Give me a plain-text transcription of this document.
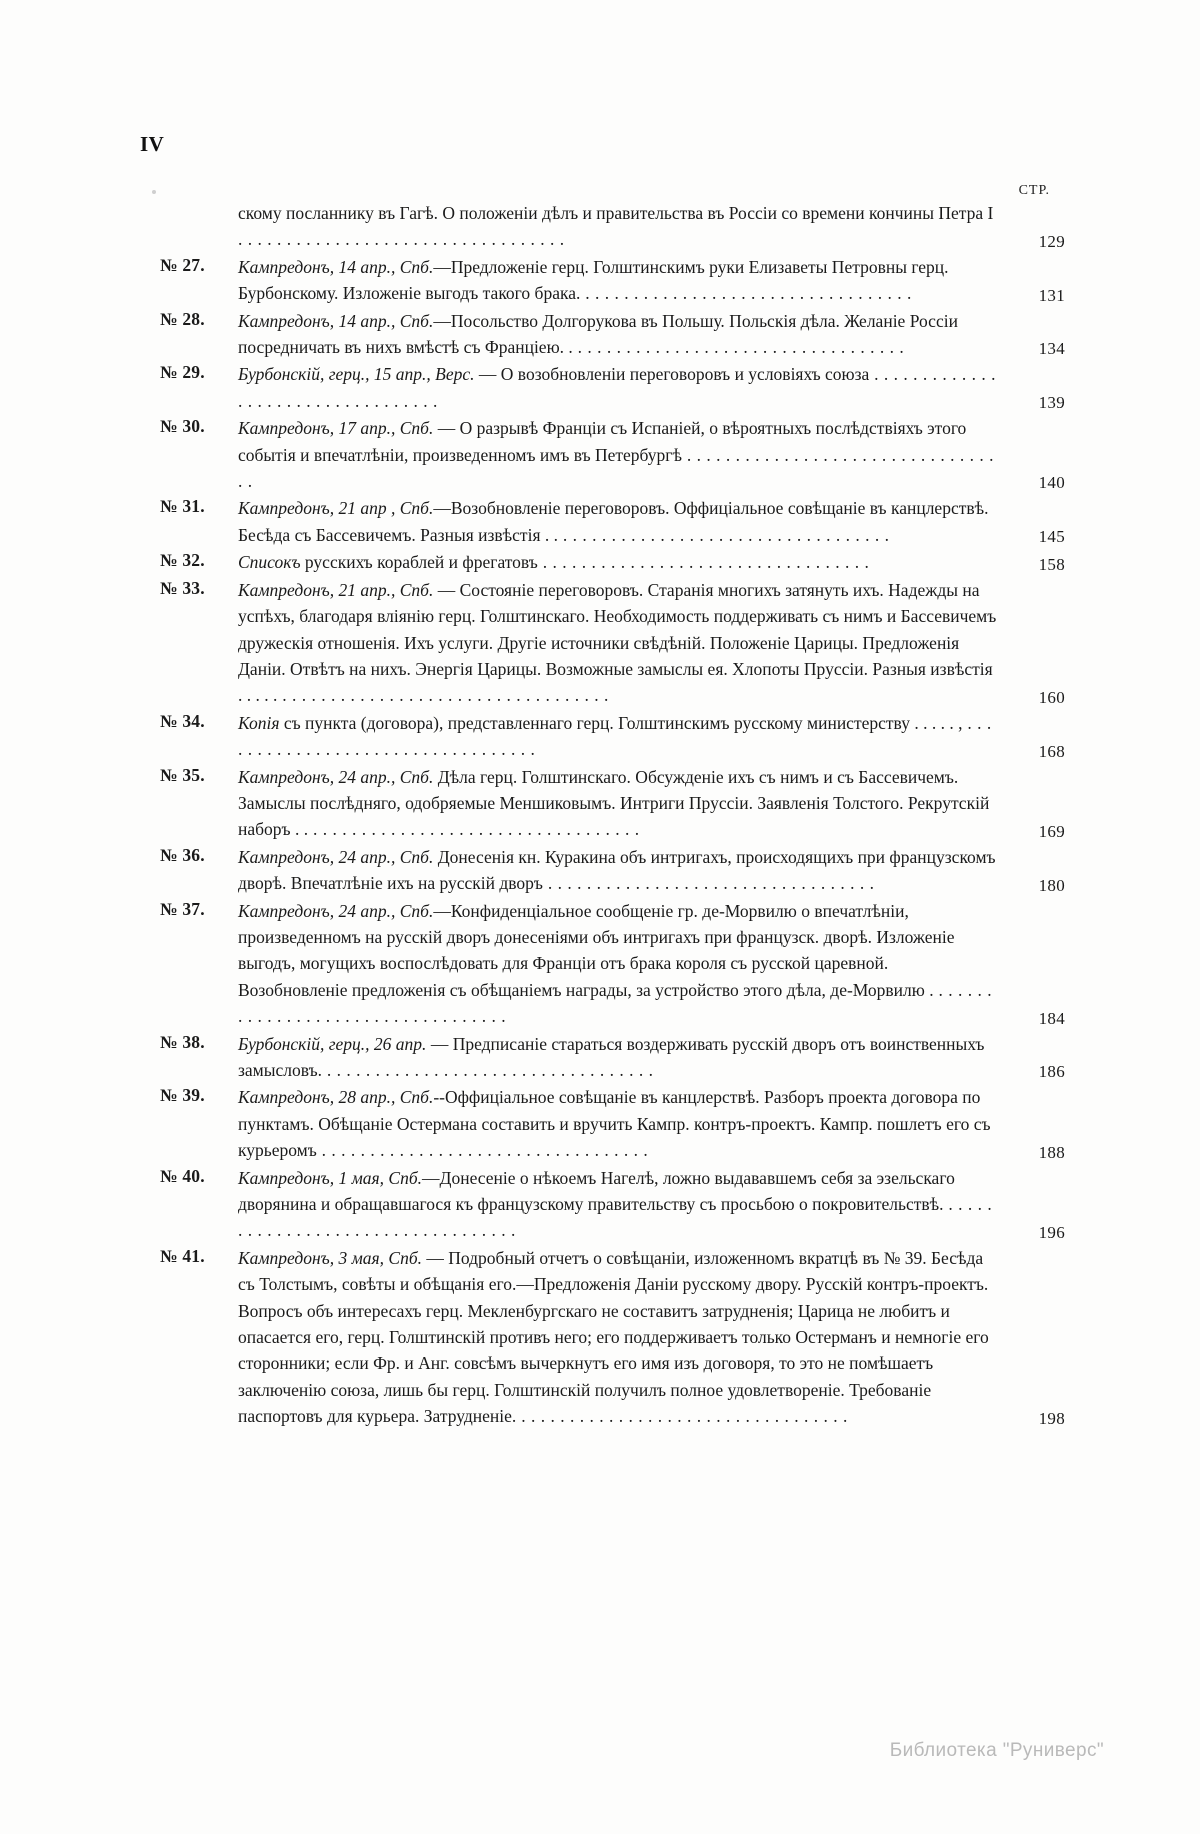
IV
СТР.
скому посланнику въ Гагѣ. О положеніи дѣлъ и правительства въ Россіи со времени кончины Петра I . . . . . . . . . . . . . . . . . . . . . . . . . . . . . . . . . .	129
№ 27.	Кампредонъ, 14 апр., Спб.—Предложеніе герц. Голштинскимъ руки Елизаветы Петровны герц. Бурбонскому. Изложеніе выгодъ такого брака. . . . . . . . . . . . . . . . . . . . . . . . . . . . . . . . . . .	131
№ 28.	Кампредонъ, 14 апр., Спб.—Посольство Долгорукова въ Польшу. Польскія дѣла. Желаніе Россіи посредничать въ нихъ вмѣстѣ съ Франціею. . . . . . . . . . . . . . . . . . . . . . . . . . . . . . . . . . . .	134
№ 29.	Бурбонскій, герц., 15 апр., Верс. — О возобновленіи переговоровъ и условіяхъ союза . . . . . . . . . . . . . . . . . . . . . . . . . . . . . . . . . .	139
№ 30.	Кампредонъ, 17 апр., Спб. — О разрывѣ Франціи съ Испаніей, о вѣроятныхъ послѣдствіяхъ этого событія и впечатлѣніи, произведенномъ имъ въ Петербургѣ . . . . . . . . . . . . . . . . . . . . . . . . . . . . . . . . . .	140
№ 31.	Кампредонъ, 21 апр , Спб.—Возобновленіе переговоровъ. Оффиціальное совѣщаніе въ канцлерствѣ. Бесѣда съ Бассевичемъ. Разныя извѣстія . . . . . . . . . . . . . . . . . . . . . . . . . . . . . . . . . . . .	145
№ 32.	Списокъ русскихъ кораблей и фрегатовъ . . . . . . . . . . . . . . . . . . . . . . . . . . . . . . . . . .	158
№ 33.	Кампредонъ, 21 апр., Спб. — Состояніе переговоровъ. Старанія многихъ затянуть ихъ. Надежды на успѣхъ, благодаря вліянію герц. Голштинскаго. Необходимость поддерживать съ нимъ и Бассевичемъ дружескія отношенія. Ихъ услуги. Другіе источники свѣдѣній. Положеніе Царицы. Предложенія Даніи. Отвѣтъ на нихъ. Энергія Царицы. Возможные замыслы ея. Хлопоты Пруссіи. Разныя извѣстія . . . . . . . . . . . . . . . . . . . . . . . . . . . . . . . . . . . . . . .	160
№ 34.	Копія съ пункта (договора), представленнаго герц. Голштинскимъ русскому министерству . . . . . , . . . . . . . . . . . . . . . . . . . . . . . . . . . . . . . . . .	168
№ 35.	Кампредонъ, 24 апр., Спб. Дѣла герц. Голштинскаго. Обсужденіе ихъ съ нимъ и съ Бассевичемъ. Замыслы послѣдняго, одобряемые Меншиковымъ. Интриги Пруссіи. Заявленія Толстого. Рекрутскій наборъ . . . . . . . . . . . . . . . . . . . . . . . . . . . . . . . . . . . .	169
№ 36.	Кампредонъ, 24 апр., Спб. Донесенія кн. Куракина объ интригахъ, происходящихъ при французскомъ дворѣ. Впечатлѣніе ихъ на русскій дворъ . . . . . . . . . . . . . . . . . . . . . . . . . . . . . . . . . .	180
№ 37.	Кампредонъ, 24 апр., Спб.—Конфиденціальное сообщеніе гр. де-Морвилю о впечатлѣніи, произведенномъ на русскій дворъ донесеніями объ интригахъ при французск. дворѣ. Изложеніе выгодъ, могущихъ воспослѣдовать для Франціи отъ брака короля съ русской царевной. Возобновленіе предложенія съ обѣщаніемъ награды, за устройство этого дѣла, де-Морвилю . . . . . . . . . . . . . . . . . . . . . . . . . . . . . . . . . . .	184
№ 38.	Бурбонскій, герц., 26 апр. — Предписаніе стараться воздерживать русскій дворъ отъ воинственныхъ замысловъ. . . . . . . . . . . . . . . . . . . . . . . . . . . . . . . . . . .	186
№ 39.	Кампредонъ, 28 апр., Спб.--Оффиціальное совѣщаніе въ канцлерствѣ. Разборъ проекта договора по пунктамъ. Обѣщаніе Остермана составить и вручить Кампр. контръ-проектъ. Кампр. пошлетъ его съ курьеромъ . . . . . . . . . . . . . . . . . . . . . . . . . . . . . . . . . .	188
№ 40.	Кампредонъ, 1 мая, Спб.—Донесеніе о нѣкоемъ Нагелѣ, ложно выдававшемъ себя за эзельскаго дворянина и обращавшагося къ французскому правительству съ просьбою о покровительствѣ. . . . . . . . . . . . . . . . . . . . . . . . . . . . . . . . . . .	196
№ 41.	Кампредонъ, 3 мая, Спб. — Подробный отчетъ о совѣщаніи, изложенномъ вкратцѣ въ № 39. Бесѣда съ Толстымъ, совѣты и обѣщанія его.—Предложенія Даніи русскому двору. Русскій контръ-проектъ. Вопросъ объ интересахъ герц. Мекленбургскаго не составитъ затрудненія; Царица не любитъ и опасается его, герц. Голштинскій противъ него; его поддерживаетъ только Остерманъ и немногіе его сторонники; если Фр. и Анг. совсѣмъ вычеркнутъ его имя изъ договоря, то это не помѣшаетъ заключенію союза, лишь бы герц. Голштинскій получилъ полное удовлетвореніе. Требованіе паспортовъ для курьера. Затрудненіе. . . . . . . . . . . . . . . . . . . . . . . . . . . . . . . . . . .	198
Библиотека "Руниверс"
